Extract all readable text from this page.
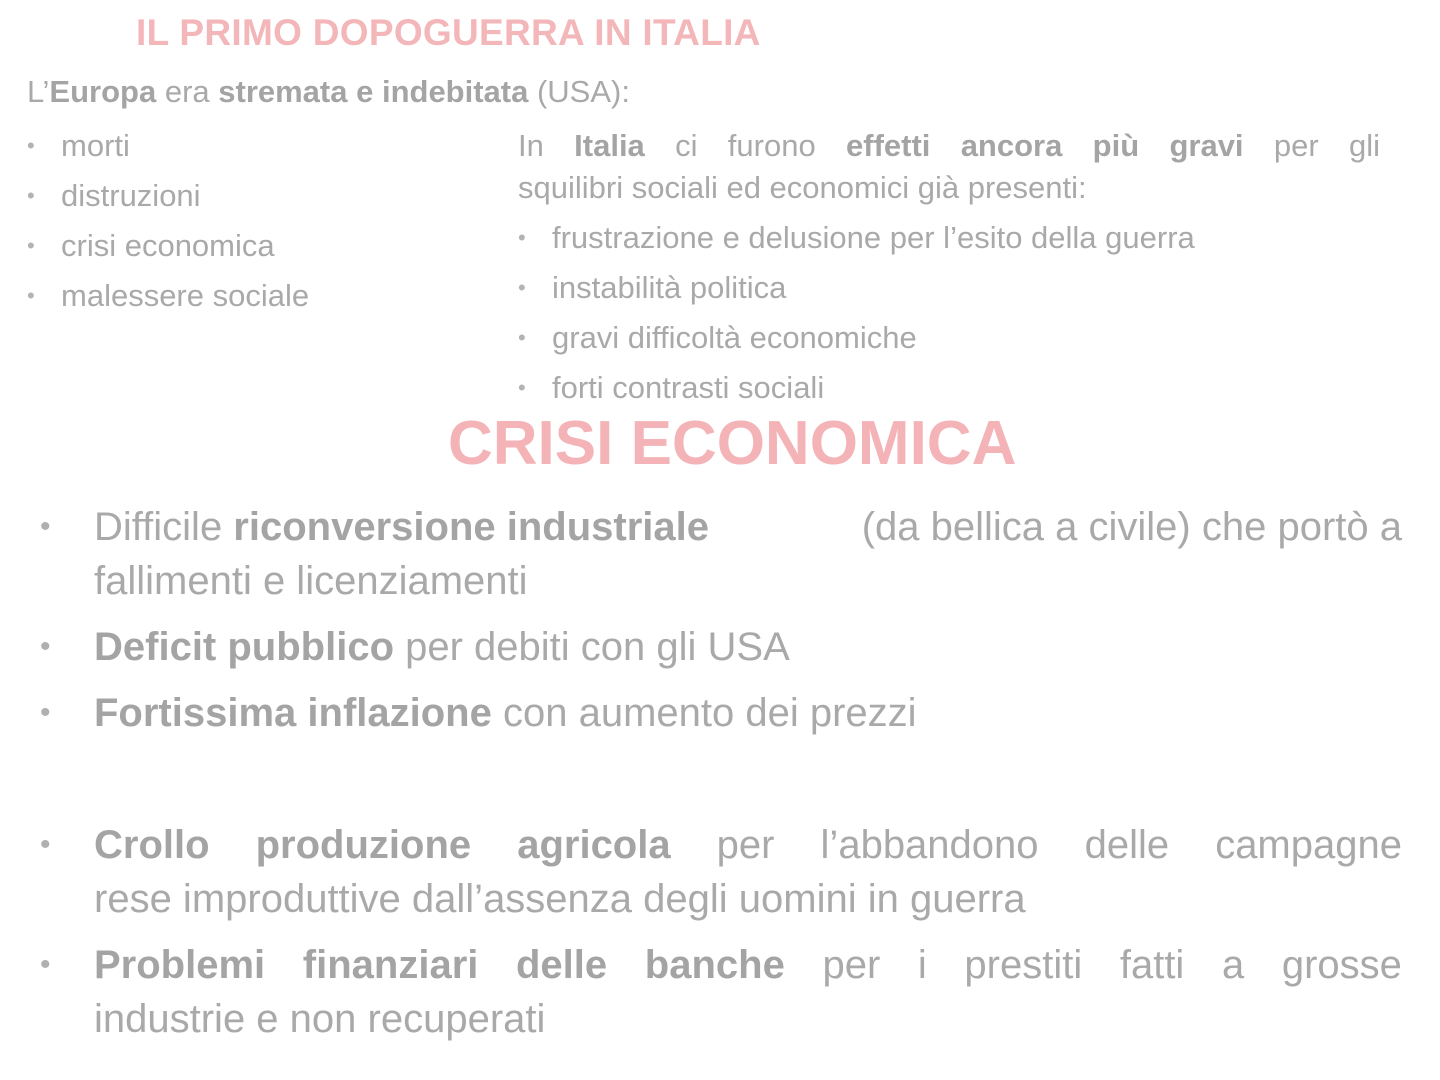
IL PRIMO DOPOGUERRA IN ITALIA
L’Europa era stremata e indebitata (USA):
• morti
• distruzioni
• crisi economica
• malessere sociale
In Italia ci furono effetti ancora più gravi per gli
squilibri sociali ed economici già presenti:
• frustrazione e delusione per l’esito della guerra
• instabilità politica
• gravi difficoltà economiche
• forti contrasti sociali
CRISI ECONOMICA
• Difficile riconversione industriale	(da bellica a civile) che portò a
fallimenti e licenziamenti
• Deficit pubblico per debiti con gli USA
• Fortissima inflazione con aumento dei prezzi
• Crollo produzione agricola per l’abbandono delle campagne
rese improduttive dall’assenza degli uomini in guerra
• Problemi finanziari delle banche per i prestiti fatti a grosse
industrie e non recuperati
